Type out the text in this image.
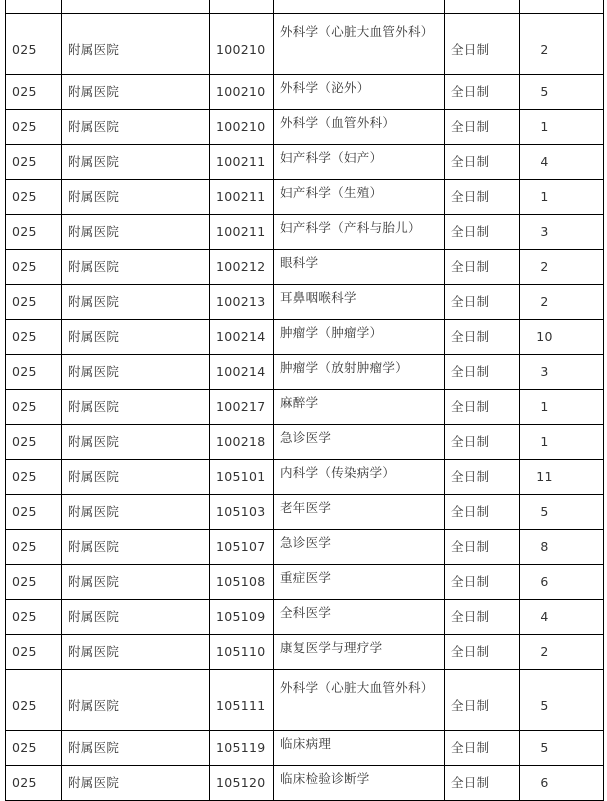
025	附属医院	100210	外科学（心脏大血管外科）	全日制	2
025	附属医院	100210	外科学（泌外）	全日制	5
025	附属医院	100210	外科学（血管外科）	全日制	1
025	附属医院	100211	妇产科学（妇产）	全日制	4
025	附属医院	100211	妇产科学（生殖）	全日制	1
025	附属医院	100211	妇产科学（产科与胎儿）	全日制	3
025	附属医院	100212	眼科学	全日制	2
025	附属医院	100213	耳鼻咽喉科学	全日制	2
025	附属医院	100214	肿瘤学（肿瘤学）	全日制	10
025	附属医院	100214	肿瘤学（放射肿瘤学）	全日制	3
025	附属医院	100217	麻醉学	全日制	1
025	附属医院	100218	急诊医学	全日制	1
025	附属医院	105101	内科学（传染病学）	全日制	11
025	附属医院	105103	老年医学	全日制	5
025	附属医院	105107	急诊医学	全日制	8
025	附属医院	105108	重症医学	全日制	6
025	附属医院	105109	全科医学	全日制	4
025	附属医院	105110	康复医学与理疗学	全日制	2
025	附属医院	105111	外科学（心脏大血管外科）	全日制	5
025	附属医院	105119	临床病理	全日制	5
025	附属医院	105120	临床检验诊断学	全日制	6
